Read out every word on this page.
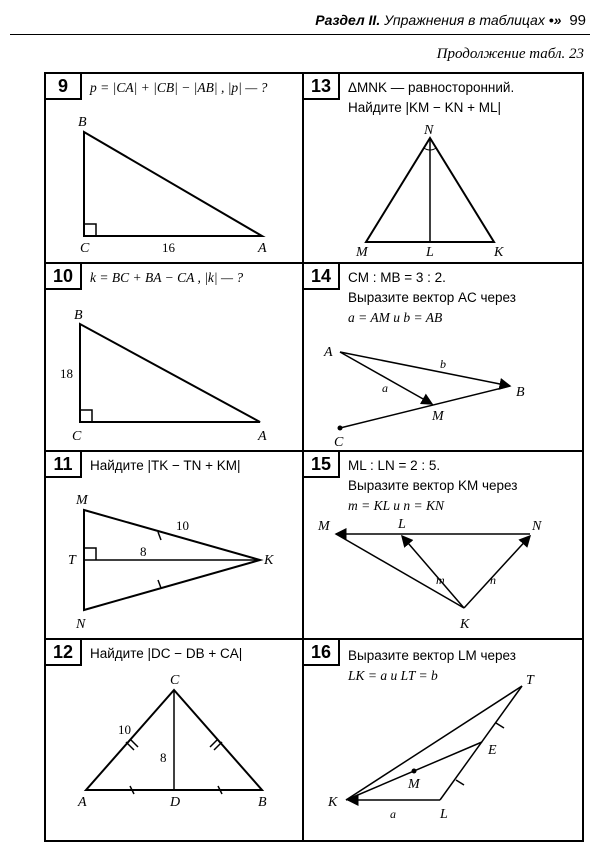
Раздел II. Упражнения в таблицах •» 99
Продолжение табл. 23
9	p = |CA| + |CB| − |AB| , |p| — ?
B
C	A
16
13	ΔMNK — равносторонний.
Найдите |KM − KN + ML|
N
M	L	K
10	k = BC + BA − CA , |k| — ?
B
C	A
18
14	CM : MB = 3 : 2.
Выразите вектор AC через
a = AM и b = AB
A
B
M
C
a
b
11	Найдите |TK − TN + KM|
M
T
N
K
10
8
15	ML : LN = 2 : 5.
Выразите вектор KM через
m = KL и n = KN
M	L	N
K
m	n
12	Найдите |DC − DB + CA|
C
A	D	B
10
8
16	Выразите вектор LM через
LK = a и LT = b	T
E
M
K
L
a
